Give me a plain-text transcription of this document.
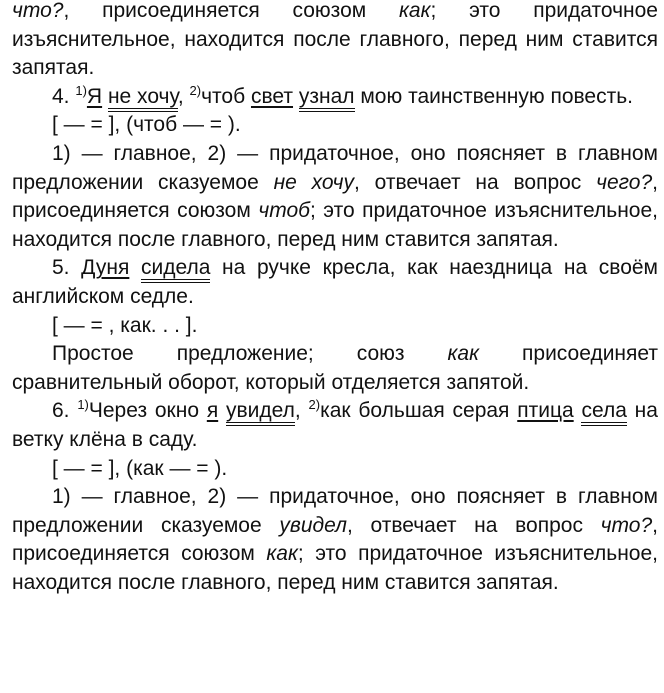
что?, присоединяется союзом как; это придаточное изъяснительное, находится после главного, перед ним ставится запятая.

4. $^{1)}$Я не хочу, $^{2)}$чтоб свет узнал мою таинственную повесть.

[ — = ], (чтоб — = ).

1) — главное, 2) — придаточное, оно поясняет в главном предложении сказуемое не хочу, отвечает на вопрос чего?, присоединяется союзом чтоб; это придаточное изъяснительное, находится после главного, перед ним ставится запятая.

5. Дуня сидела на ручке кресла, как наездница на своём английском седле.

[ — = , как. . . ].

Простое предложение; союз как присоединяет сравнительный оборот, который отделяется запятой.

6. $^{1)}$Через окно я увидел, $^{2)}$как большая серая птица села на ветку клёна в саду.

[ — = ], (как — = ).

1) — главное, 2) — придаточное, оно поясняет в главном предложении сказуемое увидел, отвечает на вопрос что?, присоединяется союзом как; это придаточное изъяснительное, находится после главного, перед ним ставится запятая.
